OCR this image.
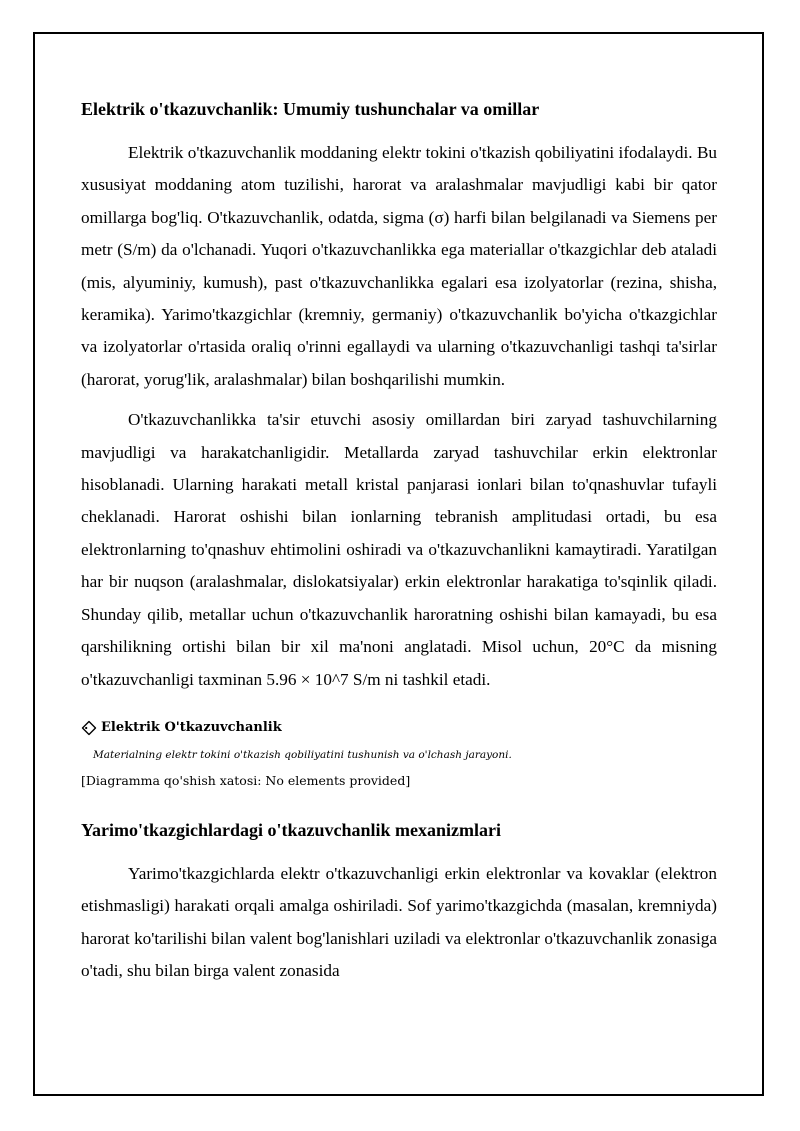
Elektrik o'tkazuvchanlik: Umumiy tushunchalar va omillar

Elektrik o'tkazuvchanlik moddaning elektr tokini o'tkazish qobiliyatini ifodalaydi. Bu xususiyat moddaning atom tuzilishi, harorat va aralashmalar mavjudligi kabi bir qator omillarga bog'liq. O'tkazuvchanlik, odatda, sigma (σ) harfi bilan belgilanadi va Siemens per metr (S/m) da o'lchanadi. Yuqori o'tkazuvchanlikka ega materiallar o'tkazgichlar deb ataladi (mis, alyuminiy, kumush), past o'tkazuvchanlikka egalari esa izolyatorlar (rezina, shisha, keramika). Yarimo'tkazgichlar (kremniy, germaniy) o'tkazuvchanlik bo'yicha o'tkazgichlar va izolyatorlar o'rtasida oraliq o'rinni egallaydi va ularning o'tkazuvchanligi tashqi ta'sirlar (harorat, yorug'lik, aralashmalar) bilan boshqarilishi mumkin.

O'tkazuvchanlikka ta'sir etuvchi asosiy omillardan biri zaryad tashuvchilarning mavjudligi va harakatchanligidir. Metallarda zaryad tashuvchilar erkin elektronlar hisoblanadi. Ularning harakati metall kristal panjarasi ionlari bilan to'qnashuvlar tufayli cheklanadi. Harorat oshishi bilan ionlarning tebranish amplitudasi ortadi, bu esa elektronlarning to'qnashuv ehtimolini oshiradi va o'tkazuvchanlikni kamaytiradi. Yaratilgan har bir nuqson (aralashmalar, dislokatsiyalar) erkin elektronlar harakatiga to'sqinlik qiladi. Shunday qilib, metallar uchun o'tkazuvchanlik haroratning oshishi bilan kamayadi, bu esa qarshilikning ortishi bilan bir xil ma'noni anglatadi. Misol uchun, 20°C da misning o'tkazuvchanligi taxminan 5.96 × 10^7 S/m ni tashkil etadi.

Elektrik O'tkazuvchanlik
Materialning elektr tokini o'tkazish qobiliyatini tushunish va o'lchash jarayoni.
[Diagramma qo'shish xatosi: No elements provided]
Yarimo'tkazgichlardagi o'tkazuvchanlik mexanizmlari

Yarimo'tkazgichlarda elektr o'tkazuvchanligi erkin elektronlar va kovaklar (elektron etishmasligi) harakati orqali amalga oshiriladi. Sof yarimo'tkazgichda (masalan, kremniyda) harorat ko'tarilishi bilan valent bog'lanishlari uziladi va elektronlar o'tkazuvchanlik zonasiga o'tadi, shu bilan birga valent zonasida
